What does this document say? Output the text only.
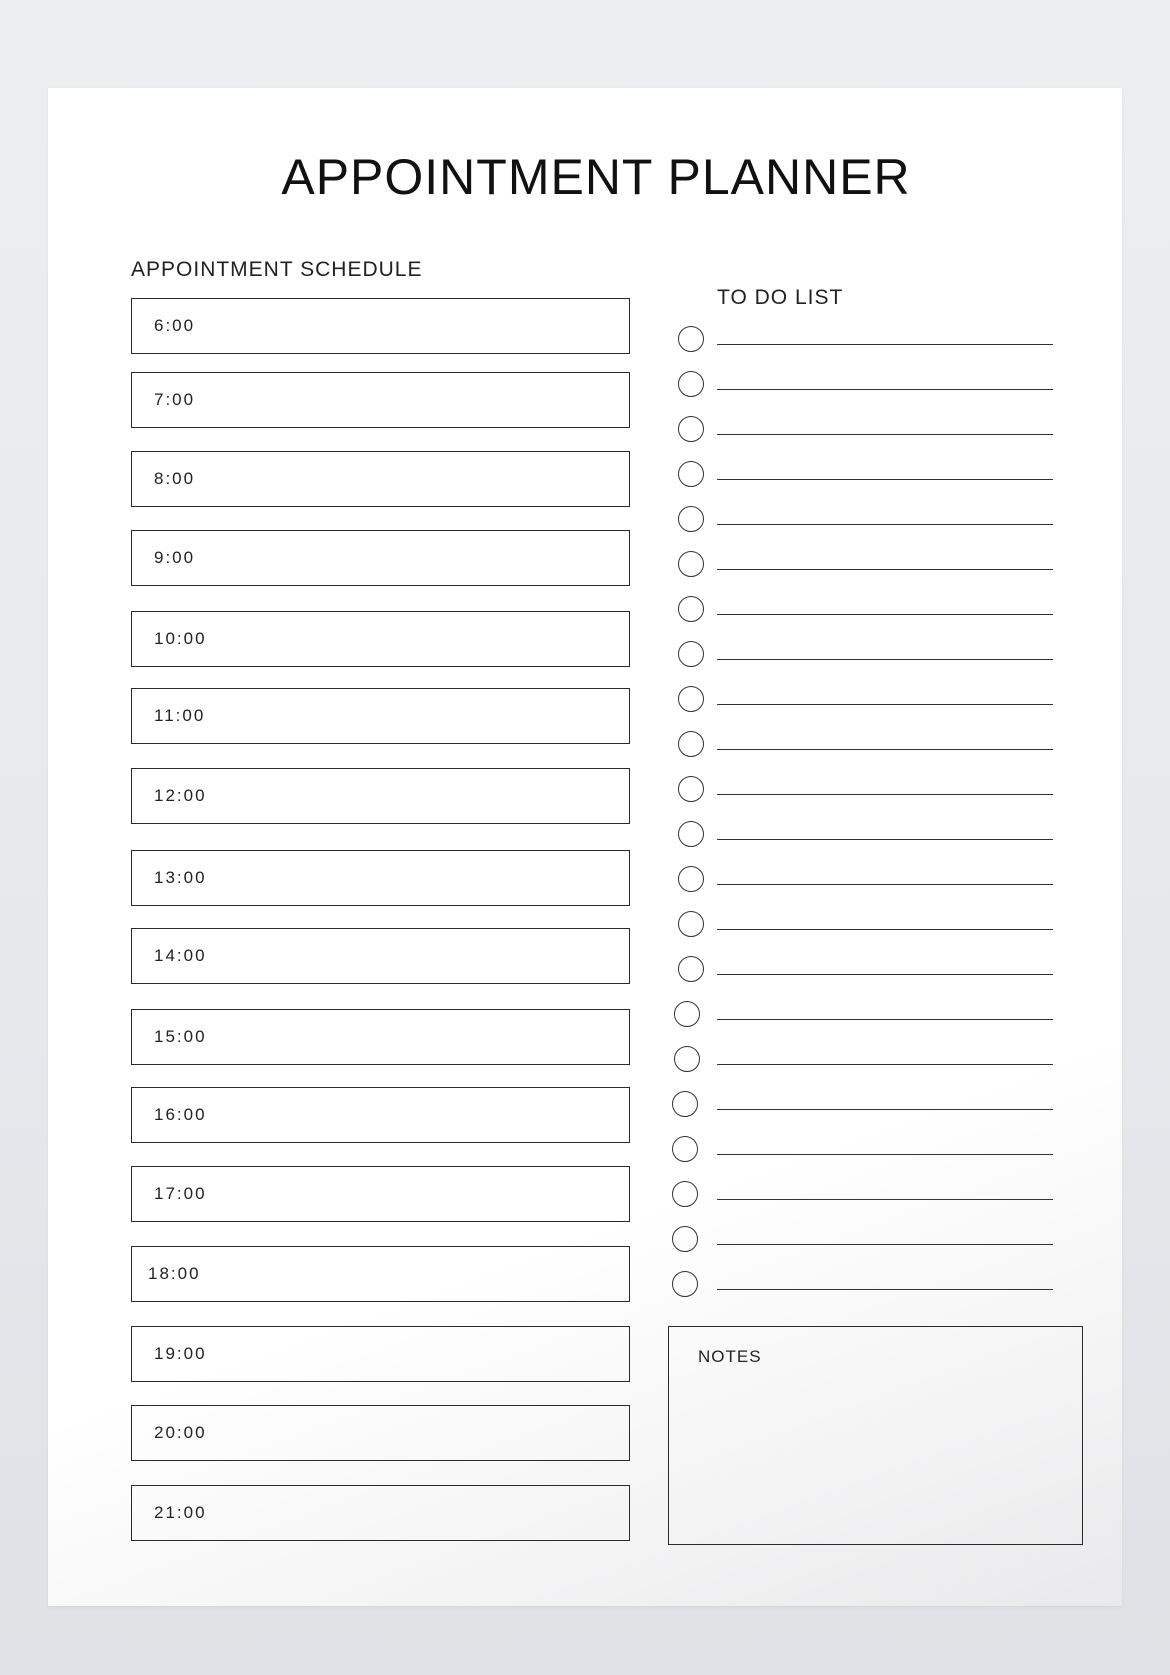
APPOINTMENT PLANNER
APPOINTMENT SCHEDULE
6:00
7:00
8:00
9:00
10:00
11:00
12:00
13:00
14:00
15:00
16:00
17:00
18:00
19:00
20:00
21:00
TO DO LIST
NOTES
